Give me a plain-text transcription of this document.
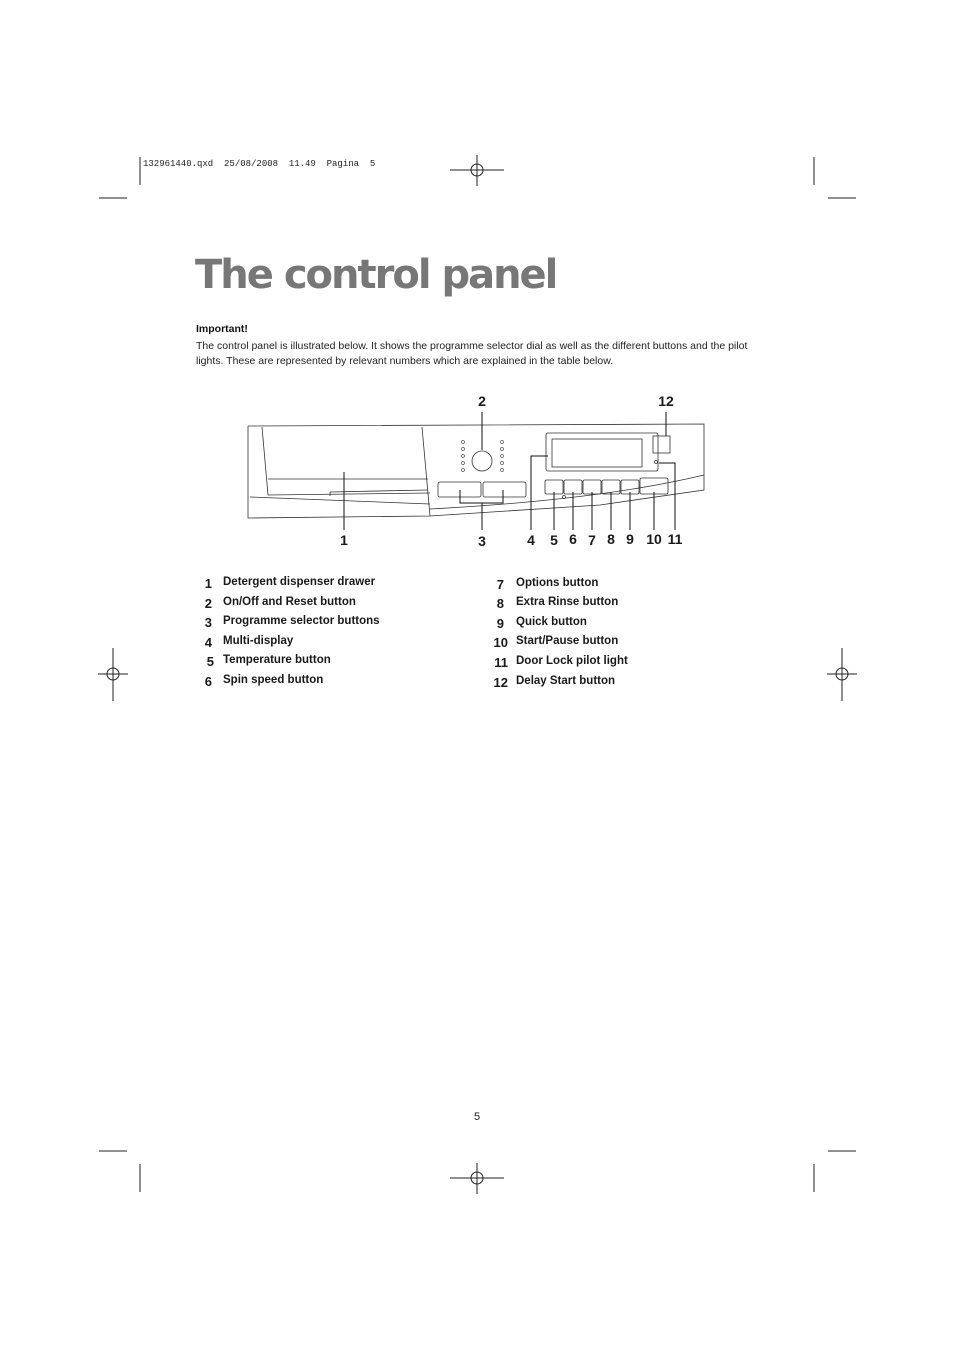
132961440.qxd  25/08/2008  11.49  Pagina  5
The control panel
Important!
The control panel is illustrated below. It shows the programme selector dial as well as the different buttons and the pilot lights. These are represented by relevant numbers which are explained in the table below.
1
2
3	4 5 6 7 8 9 10 11
12
1 Detergent dispenser drawer
2 On/Off and Reset button
3 Programme selector buttons
4 Multi-display
5 Temperature button
6 Spin speed button
7 Options button
8 Extra Rinse button
9 Quick button
10 Start/Pause button
11 Door Lock pilot light
12 Delay Start button
5
